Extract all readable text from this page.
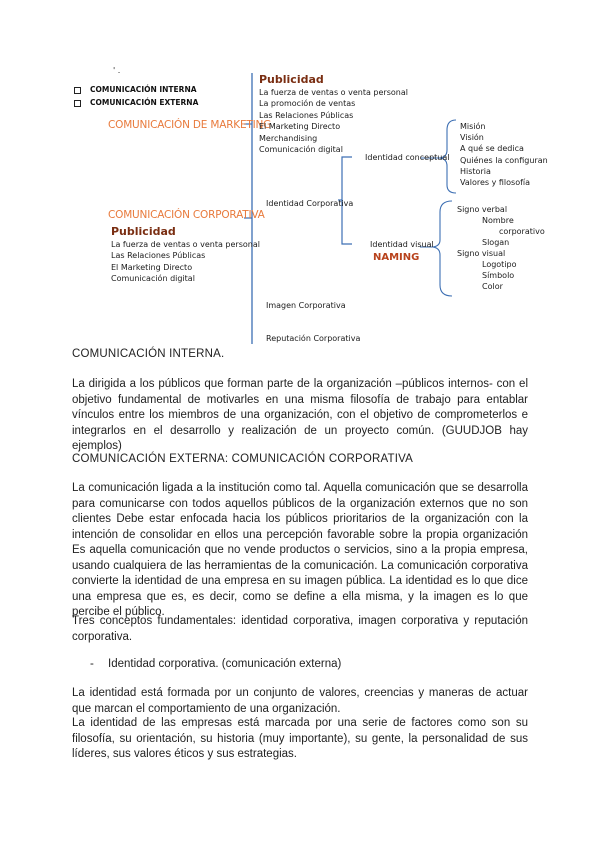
' .
COMUNICACIÓN INTERNA
COMUNICACIÓN EXTERNA
COMUNICACIÓN DE MARKETING
Publicidad
La fuerza de ventas o venta personal
La promoción de ventas
Las Relaciones Públicas
El Marketing Directo
Merchandising
Comunicación digital
COMUNICACIÓN CORPORATIVA
Publicidad
La fuerza de ventas o venta personal
Las Relaciones Públicas
El Marketing Directo
Comunicación digital
Identidad Corporativa
Identidad conceptual
Identidad visual
NAMING
Misión
Visión
A qué se dedica
Quiénes la configuran
Historia
Valores y filosofía
Signo verbal
Nombre
corporativo
Slogan
Signo visual
Logotipo
Símbolo
Color
Imagen Corporativa
Reputación Corporativa

COMUNICACIÓN INTERNA.

La dirigida a los públicos que forman parte de la organización –públicos internos- con el objetivo fundamental de motivarles en una misma filosofía de trabajo para entablar vínculos entre los miembros de una organización, con el objetivo de comprometerlos e integrarlos en el desarrollo y realización de un proyecto común. (GUUDJOB hay ejemplos)

COMUNICACIÓN EXTERNA: COMUNICACIÓN CORPORATIVA

La comunicación ligada a la institución como tal. Aquella comunicación que se desarrolla para comunicarse con todos aquellos públicos de la organización externos que no son clientes Debe estar enfocada hacia los públicos prioritarios de la organización con la intención de consolidar en ellos una percepción favorable sobre la propia organización Es aquella comunicación que no vende productos o servicios, sino a la propia empresa, usando cualquiera de las herramientas de la comunicación. La comunicación corporativa convierte la identidad de una empresa en su imagen pública. La identidad es lo que dice una empresa que es, es decir, como se define a ella misma, y la imagen es lo que percibe el público.

Tres conceptos fundamentales: identidad corporativa, imagen corporativa y reputación corporativa.

- Identidad corporativa. (comunicación externa)

La identidad está formada por un conjunto de valores, creencias y maneras de actuar que marcan el comportamiento de una organización.

La identidad de las empresas está marcada por una serie de factores como son su filosofía, su orientación, su historia (muy importante), su gente, la personalidad de sus líderes, sus valores éticos y sus estrategias.
